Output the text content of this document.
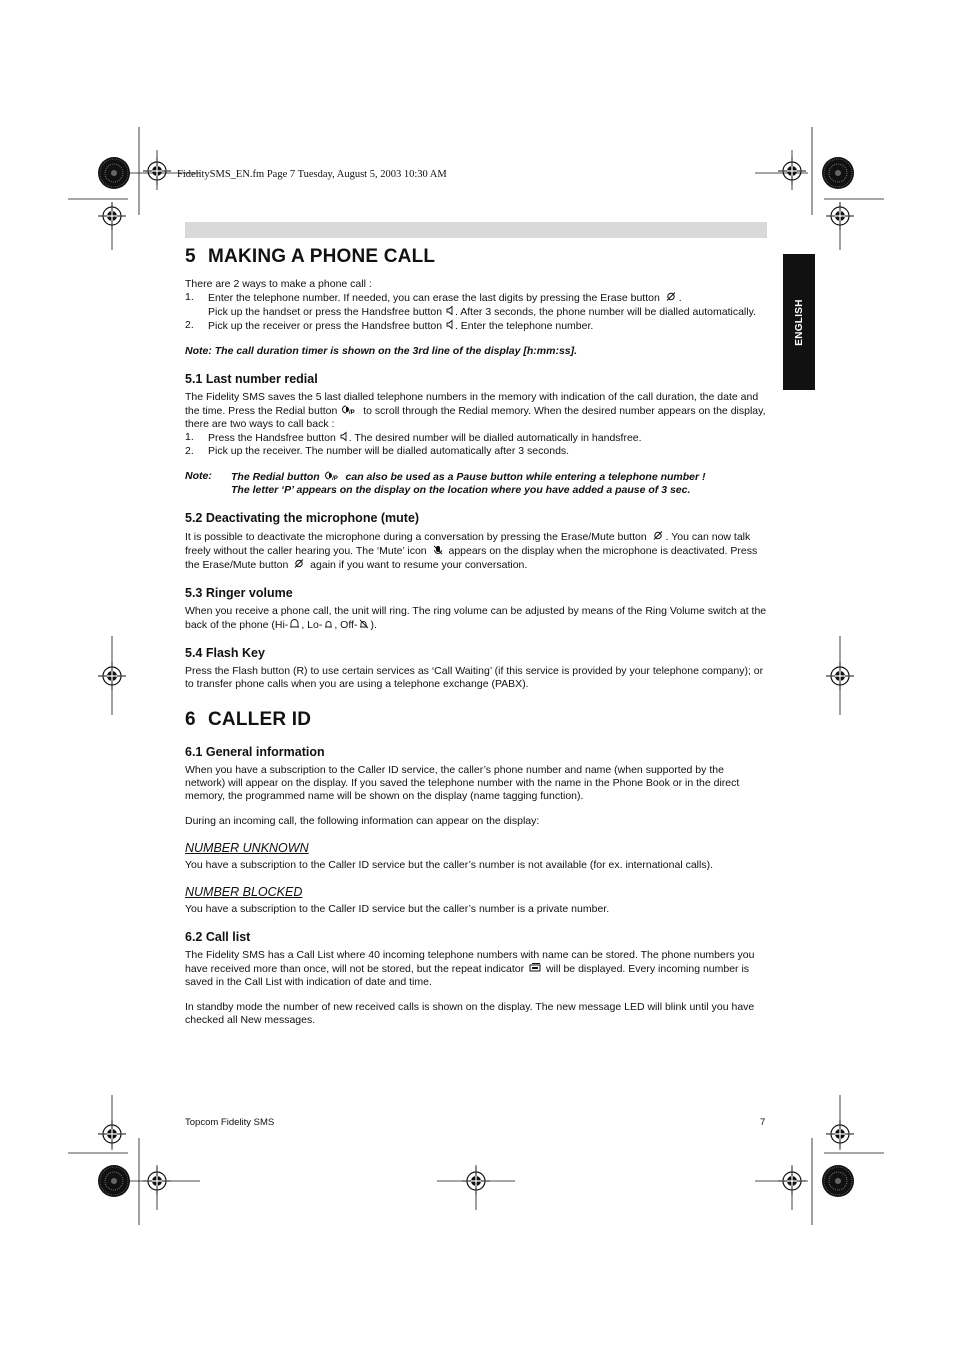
FidelitySMS_EN.fm Page 7 Tuesday, August 5, 2003 10:30 AM
ENGLISH
5 MAKING A PHONE CALL

There are 2 ways to make a phone call :

1.	Enter the telephone number. If needed, you can erase the last digits by pressing the Erase button .
Pick up the handset or press the Handsfree button . After 3 seconds, the phone number will be dialled automatically.
2.	Pick up the receiver or press the Handsfree button . Enter the telephone number.

Note: The call duration timer is shown on the 3rd line of the display [h:mm:ss].

5.1 Last number redial

The Fidelity SMS saves the 5 last dialled telephone numbers in the memory with indication of the call duration, the date and the time. Press the Redial button /P to scroll through the Redial memory. When the desired number appears on the display, there are two ways to call back :

1.	Press the Handsfree button . The desired number will be dialled automatically in handsfree.
2.	Pick up the receiver. The number will be dialled automatically after 3 seconds.
Note:	The Redial button /P can also be used as a Pause button while entering a telephone number !
The letter ‘P’ appears on the display on the location where you have added a pause of 3 sec.
5.2 Deactivating the microphone (mute)

It is possible to deactivate the microphone during a conversation by pressing the Erase/Mute button . You can now talk freely without the caller hearing you. The ‘Mute’ icon appears on the display when the microphone is deactivated. Press the Erase/Mute button again if you want to resume your conversation.

5.3 Ringer volume

When you receive a phone call, the unit will ring. The ring volume can be adjusted by means of the Ring Volume switch at the back of the phone (Hi- , Lo- , Off- ).

5.4 Flash Key

Press the Flash button (R) to use certain services as ‘Call Waiting’ (if this service is provided by your telephone company); or to transfer phone calls when you are using a telephone exchange (PABX).

6 CALLER ID
6.1 General information

When you have a subscription to the Caller ID service, the caller’s phone number and name (when supported by the network) will appear on the display. If you saved the telephone number with the name in the Phone Book or in the direct memory, the programmed name will be shown on the display (name tagging function).

During an incoming call, the following information can appear on the display:

NUMBER UNKNOWN

You have a subscription to the Caller ID service but the caller’s number is not available (for ex. international calls).

NUMBER BLOCKED

You have a subscription to the Caller ID service but the caller’s number is a private number.

6.2 Call list

The Fidelity SMS has a Call List where 40 incoming telephone numbers with name can be stored. The phone numbers you have received more than once, will not be stored, but the repeat indicator will be displayed. Every incoming number is saved in the Call List with indication of date and time.

In standby mode the number of new received calls is shown on the display. The new message LED will blink until you have checked all New messages.

Topcom Fidelity SMS	7
